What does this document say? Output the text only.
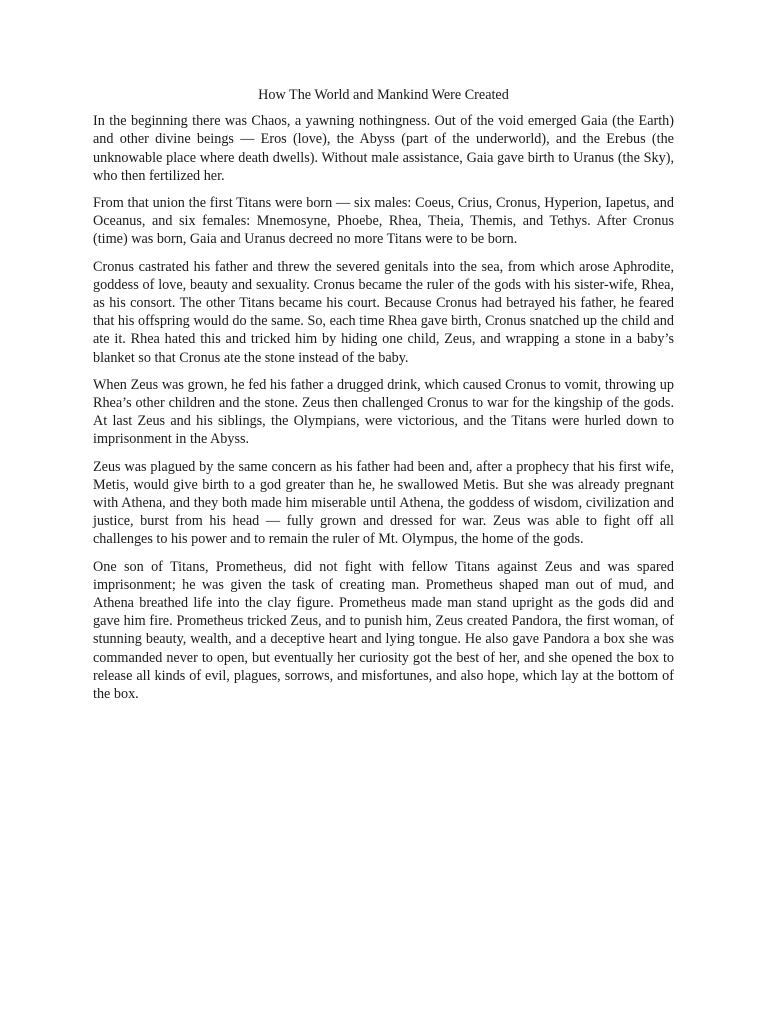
How The World and Mankind Were Created

In the beginning there was Chaos, a yawning nothingness. Out of the void emerged Gaia (the Earth) and other divine beings — Eros (love), the Abyss (part of the underworld), and the Erebus (the unknowable place where death dwells). Without male assistance, Gaia gave birth to Uranus (the Sky), who then fertilized her.

From that union the first Titans were born — six males: Coeus, Crius, Cronus, Hyperion, Iapetus, and Oceanus, and six females: Mnemosyne, Phoebe, Rhea, Theia, Themis, and Tethys. After Cronus (time) was born, Gaia and Uranus decreed no more Titans were to be born.

Cronus castrated his father and threw the severed genitals into the sea, from which arose Aphrodite, goddess of love, beauty and sexuality. Cronus became the ruler of the gods with his sister-wife, Rhea, as his consort. The other Titans became his court. Because Cronus had betrayed his father, he feared that his offspring would do the same. So, each time Rhea gave birth, Cronus snatched up the child and ate it. Rhea hated this and tricked him by hiding one child, Zeus, and wrapping a stone in a baby’s blanket so that Cronus ate the stone instead of the baby.

When Zeus was grown, he fed his father a drugged drink, which caused Cronus to vomit, throwing up Rhea’s other children and the stone. Zeus then challenged Cronus to war for the kingship of the gods. At last Zeus and his siblings, the Olympians, were victorious, and the Titans were hurled down to imprisonment in the Abyss.

Zeus was plagued by the same concern as his father had been and, after a prophecy that his first wife, Metis, would give birth to a god greater than he, he swallowed Metis. But she was already pregnant with Athena, and they both made him miserable until Athena, the goddess of wisdom, civilization and justice, burst from his head — fully grown and dressed for war. Zeus was able to fight off all challenges to his power and to remain the ruler of Mt. Olympus, the home of the gods.

One son of Titans, Prometheus, did not fight with fellow Titans against Zeus and was spared imprisonment; he was given the task of creating man. Prometheus shaped man out of mud, and Athena breathed life into the clay figure. Prometheus made man stand upright as the gods did and gave him fire. Prometheus tricked Zeus, and to punish him, Zeus created Pandora, the first woman, of stunning beauty, wealth, and a deceptive heart and lying tongue. He also gave Pandora a box she was commanded never to open, but eventually her curiosity got the best of her, and she opened the box to release all kinds of evil, plagues, sorrows, and misfortunes, and also hope, which lay at the bottom of the box.
